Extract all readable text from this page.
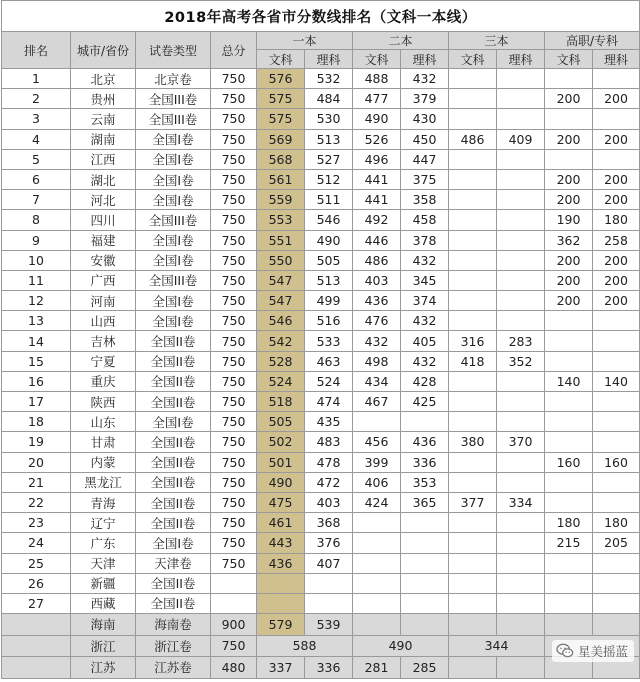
2018年高考各省市分数线排名（文科一本线）											
排名	城市/省份	试卷类型	总分	一本		二本		三本		高职/专科	
				文科	理科	文科	理科	文科	理科	文科	理科
1	北京	北京卷	750	576	532	488	432				
2	贵州	全国III卷	750	575	484	477	379			200	200
3	云南	全国III卷	750	575	530	490	430				
4	湖南	全国I卷	750	569	513	526	450	486	409	200	200
5	江西	全国I卷	750	568	527	496	447				
6	湖北	全国I卷	750	561	512	441	375			200	200
7	河北	全国I卷	750	559	511	441	358			200	200
8	四川	全国III卷	750	553	546	492	458			190	180
9	福建	全国I卷	750	551	490	446	378			362	258
10	安徽	全国I卷	750	550	505	486	432			200	200
11	广西	全国III卷	750	547	513	403	345			200	200
12	河南	全国I卷	750	547	499	436	374			200	200
13	山西	全国I卷	750	546	516	476	432				
14	吉林	全国II卷	750	542	533	432	405	316	283		
15	宁夏	全国II卷	750	528	463	498	432	418	352		
16	重庆	全国II卷	750	524	524	434	428			140	140
17	陕西	全国II卷	750	518	474	467	425				
18	山东	全国I卷	750	505	435						
19	甘肃	全国II卷	750	502	483	456	436	380	370		
20	内蒙	全国II卷	750	501	478	399	336			160	160
21	黑龙江	全国II卷	750	490	472	406	353				
22	青海	全国II卷	750	475	403	424	365	377	334		
23	辽宁	全国II卷	750	461	368					180	180
24	广东	全国I卷	750	443	376					215	205
25	天津	天津卷	750	436	407						
26	新疆	全国II卷									
27	西藏	全国II卷									
	海南	海南卷	900	579	539						
	浙江	浙江卷	750	588		490		344			
	江苏	江苏卷	480	337	336	281	285				
星美摇蓝
